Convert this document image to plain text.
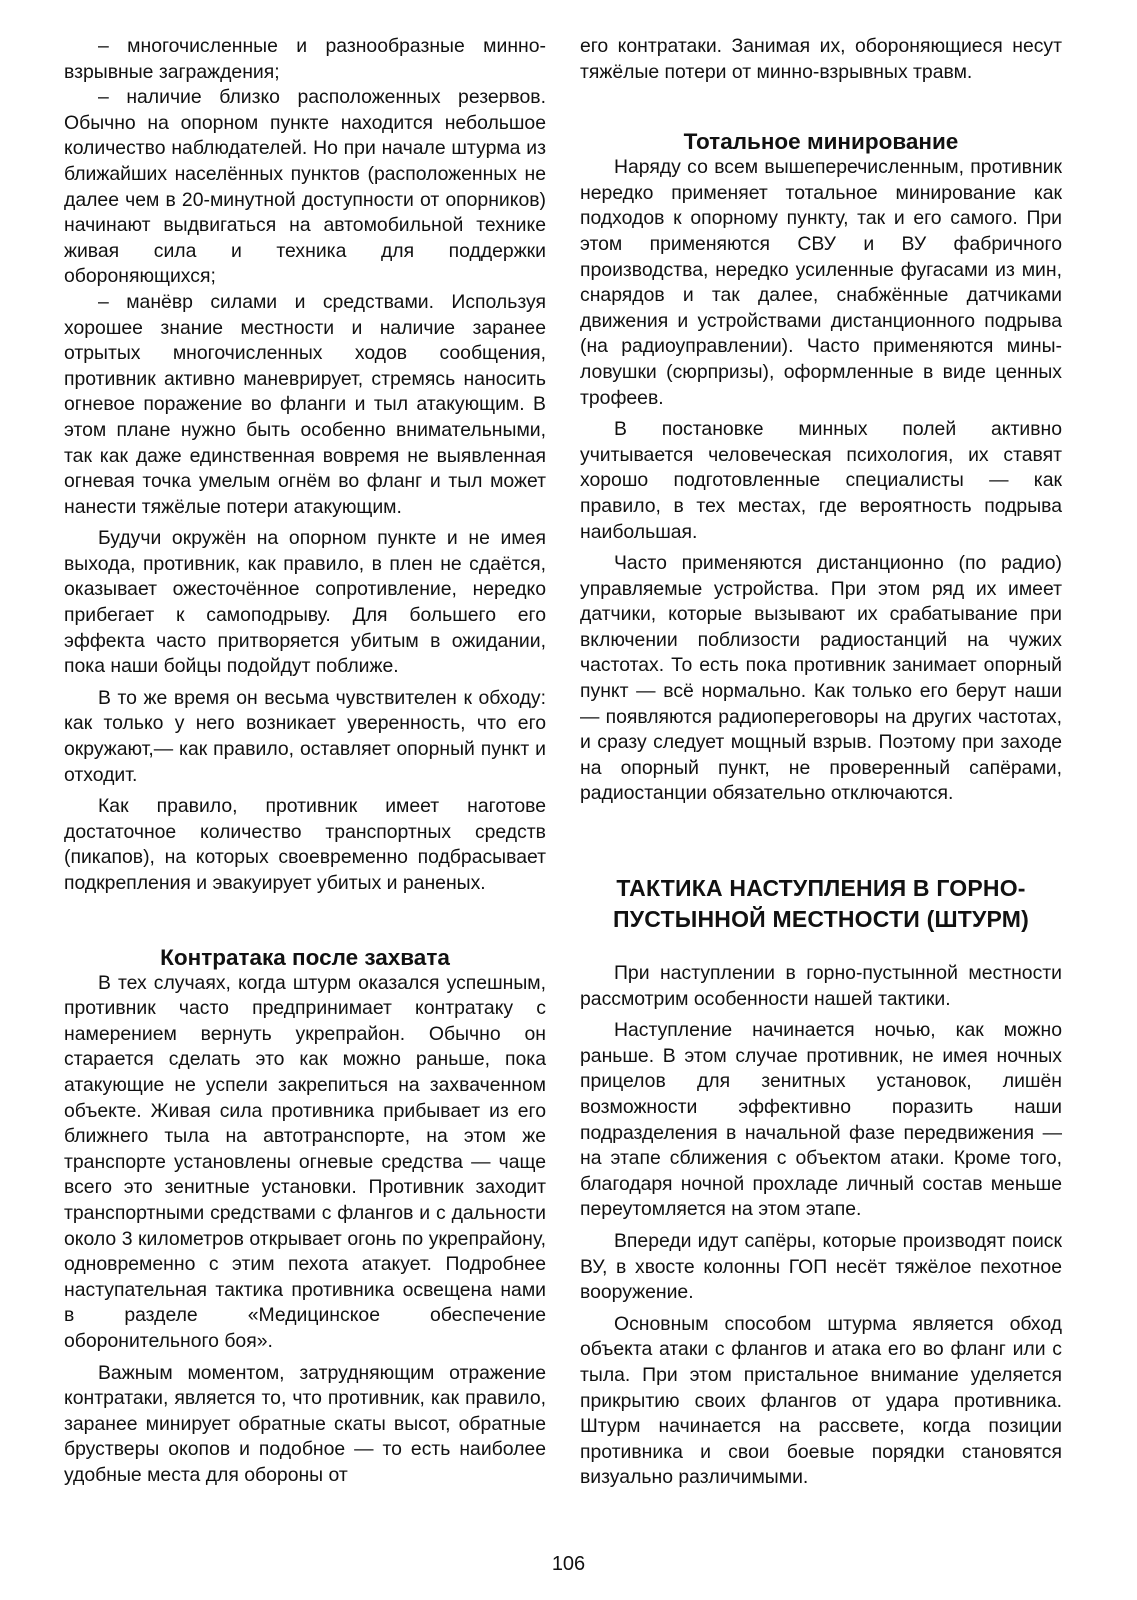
– многочисленные и разнообразные минно-взрывные заграждения;

– наличие близко расположенных резервов. Обычно на опорном пункте находится небольшое количество наблюдателей. Но при начале штурма из ближайших населённых пунктов (расположенных не далее чем в 20-минутной доступности от опорников) начинают выдвигаться на автомобильной технике живая сила и техника для поддержки обороняющихся;

– манёвр силами и средствами. Используя хорошее знание местности и наличие заранее отрытых многочисленных ходов сообщения, противник активно маневрирует, стремясь наносить огневое поражение во фланги и тыл атакующим. В этом плане нужно быть особенно внимательными, так как даже единственная вовремя не выявленная огневая точка умелым огнём во фланг и тыл может нанести тяжёлые потери атакующим.

Будучи окружён на опорном пункте и не имея выхода, противник, как правило, в плен не сдаётся, оказывает ожесточённое сопротивление, нередко прибегает к самоподрыву. Для большего его эффекта часто притворяется убитым в ожидании, пока наши бойцы подойдут поближе.

В то же время он весьма чувствителен к обходу: как только у него возникает уверенность, что его окружают,— как правило, оставляет опорный пункт и отходит.

Как правило, противник имеет наготове достаточное количество транспортных средств (пикапов), на которых своевременно подбрасывает подкрепления и эвакуирует убитых и раненых.

Контратака после захвата

В тех случаях, когда штурм оказался успешным, противник часто предпринимает контратаку с намерением вернуть укрепрайон. Обычно он старается сделать это как можно раньше, пока атакующие не успели закрепиться на захваченном объекте. Живая сила противника прибывает из его ближнего тыла на автотранспорте, на этом же транспорте установлены огневые средства — чаще всего это зенитные установки. Противник заходит транспортными средствами с флангов и с дальности около 3 километров открывает огонь по укрепрайону, одновременно с этим пехота атакует. Подробнее наступательная тактика противника освещена нами в разделе «Медицинское обеспечение оборонительного боя».

Важным моментом, затрудняющим отражение контратаки, является то, что противник, как правило, заранее минирует обратные скаты высот, обратные брустверы окопов и подобное — то есть наиболее удобные места для обороны от

его контратаки. Занимая их, обороняющиеся несут тяжёлые потери от минно-взрывных травм.

Тотальное минирование

Наряду со всем вышеперечисленным, противник нередко применяет тотальное минирование как подходов к опорному пункту, так и его самого. При этом применяются СВУ и ВУ фабричного производства, нередко усиленные фугасами из мин, снарядов и так далее, снабжённые датчиками движения и устройствами дистанционного подрыва (на радиоуправлении). Часто применяются мины-ловушки (сюрпризы), оформленные в виде ценных трофеев.

В постановке минных полей активно учитывается человеческая психология, их ставят хорошо подготовленные специалисты — как правило, в тех местах, где вероятность подрыва наибольшая.

Часто применяются дистанционно (по радио) управляемые устройства. При этом ряд их имеет датчики, которые вызывают их срабатывание при включении поблизости радиостанций на чужих частотах. То есть пока противник занимает опорный пункт — всё нормально. Как только его берут наши — появляются радиопереговоры на других частотах, и сразу следует мощный взрыв. Поэтому при заходе на опорный пункт, не проверенный сапёрами, радиостанции обязательно отключаются.

ТАКТИКА НАСТУПЛЕНИЯ В ГОРНО-
ПУСТЫННОЙ МЕСТНОСТИ (ШТУРМ)

При наступлении в горно-пустынной местности рассмотрим особенности нашей тактики.

Наступление начинается ночью, как можно раньше. В этом случае противник, не имея ночных прицелов для зенитных установок, лишён возможности эффективно поразить наши подразделения в начальной фазе передвижения — на этапе сближения с объектом атаки. Кроме того, благодаря ночной прохладе личный состав меньше переутомляется на этом этапе.

Впереди идут сапёры, которые производят поиск ВУ, в хвосте колонны ГОП несёт тяжёлое пехотное вооружение.

Основным способом штурма является обход объекта атаки с флангов и атака его во фланг или с тыла. При этом пристальное внимание уделяется прикрытию своих флангов от удара противника. Штурм начинается на рассвете, когда позиции противника и свои боевые порядки становятся визуально различимыми.

106
